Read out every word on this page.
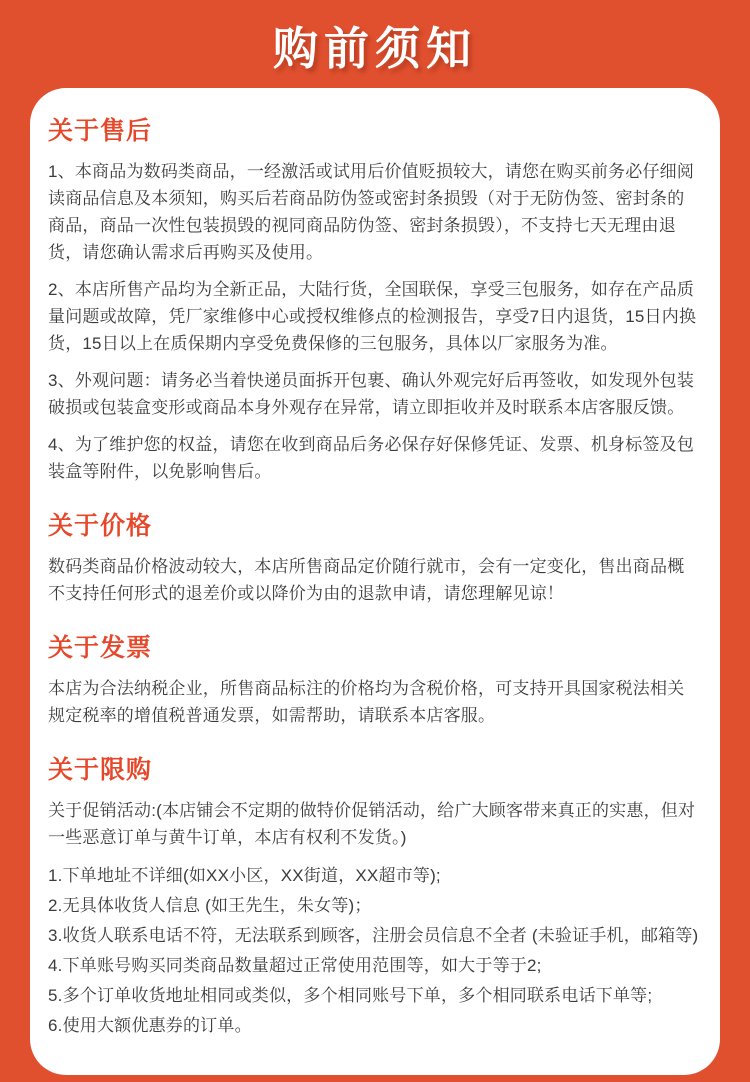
购前须知
关于售后

1、本商品为数码类商品，一经激活或试用后价值贬损较大，请您在购买前务必仔细阅读商品信息及本须知，购买后若商品防伪签或密封条损毁（对于无防伪签、密封条的商品，商品一次性包装损毁的视同商品防伪签、密封条损毁），不支持七天无理由退货，请您确认需求后再购买及使用。

2、本店所售产品均为全新正品，大陆行货，全国联保，享受三包服务，如存在产品质量问题或故障，凭厂家维修中心或授权维修点的检测报告，享受7日内退货，15日内换货，15日以上在质保期内享受免费保修的三包服务，具体以厂家服务为准。

3、外观问题：请务必当着快递员面拆开包裹、确认外观完好后再签收，如发现外包装破损或包装盒变形或商品本身外观存在异常，请立即拒收并及时联系本店客服反馈。

4、为了维护您的权益，请您在收到商品后务必保存好保修凭证、发票、机身标签及包装盒等附件，以免影响售后。

关于价格

数码类商品价格波动较大，本店所售商品定价随行就市，会有一定变化，售出商品概不支持任何形式的退差价或以降价为由的退款申请，请您理解见谅！

关于发票

本店为合法纳税企业，所售商品标注的价格均为含税价格，可支持开具国家税法相关规定税率的增值税普通发票，如需帮助，请联系本店客服。

关于限购

关于促销活动:(本店铺会不定期的做特价促销活动，给广大顾客带来真正的实惠，但对一些恶意订单与黄牛订单，本店有权利不发货。)

1.下单地址不详细(如XX小区，XX街道，XX超市等);
2.无具体收货人信息 (如王先生，朱女等)；
3.收货人联系电话不符，无法联系到顾客，注册会员信息不全者 (未验证手机，邮箱等)
4.下单账号购买同类商品数量超过正常使用范围等，如大于等于2;
5.多个订单收货地址相同或类似，多个相同账号下单，多个相同联系电话下单等;
6.使用大额优惠券的订单。
